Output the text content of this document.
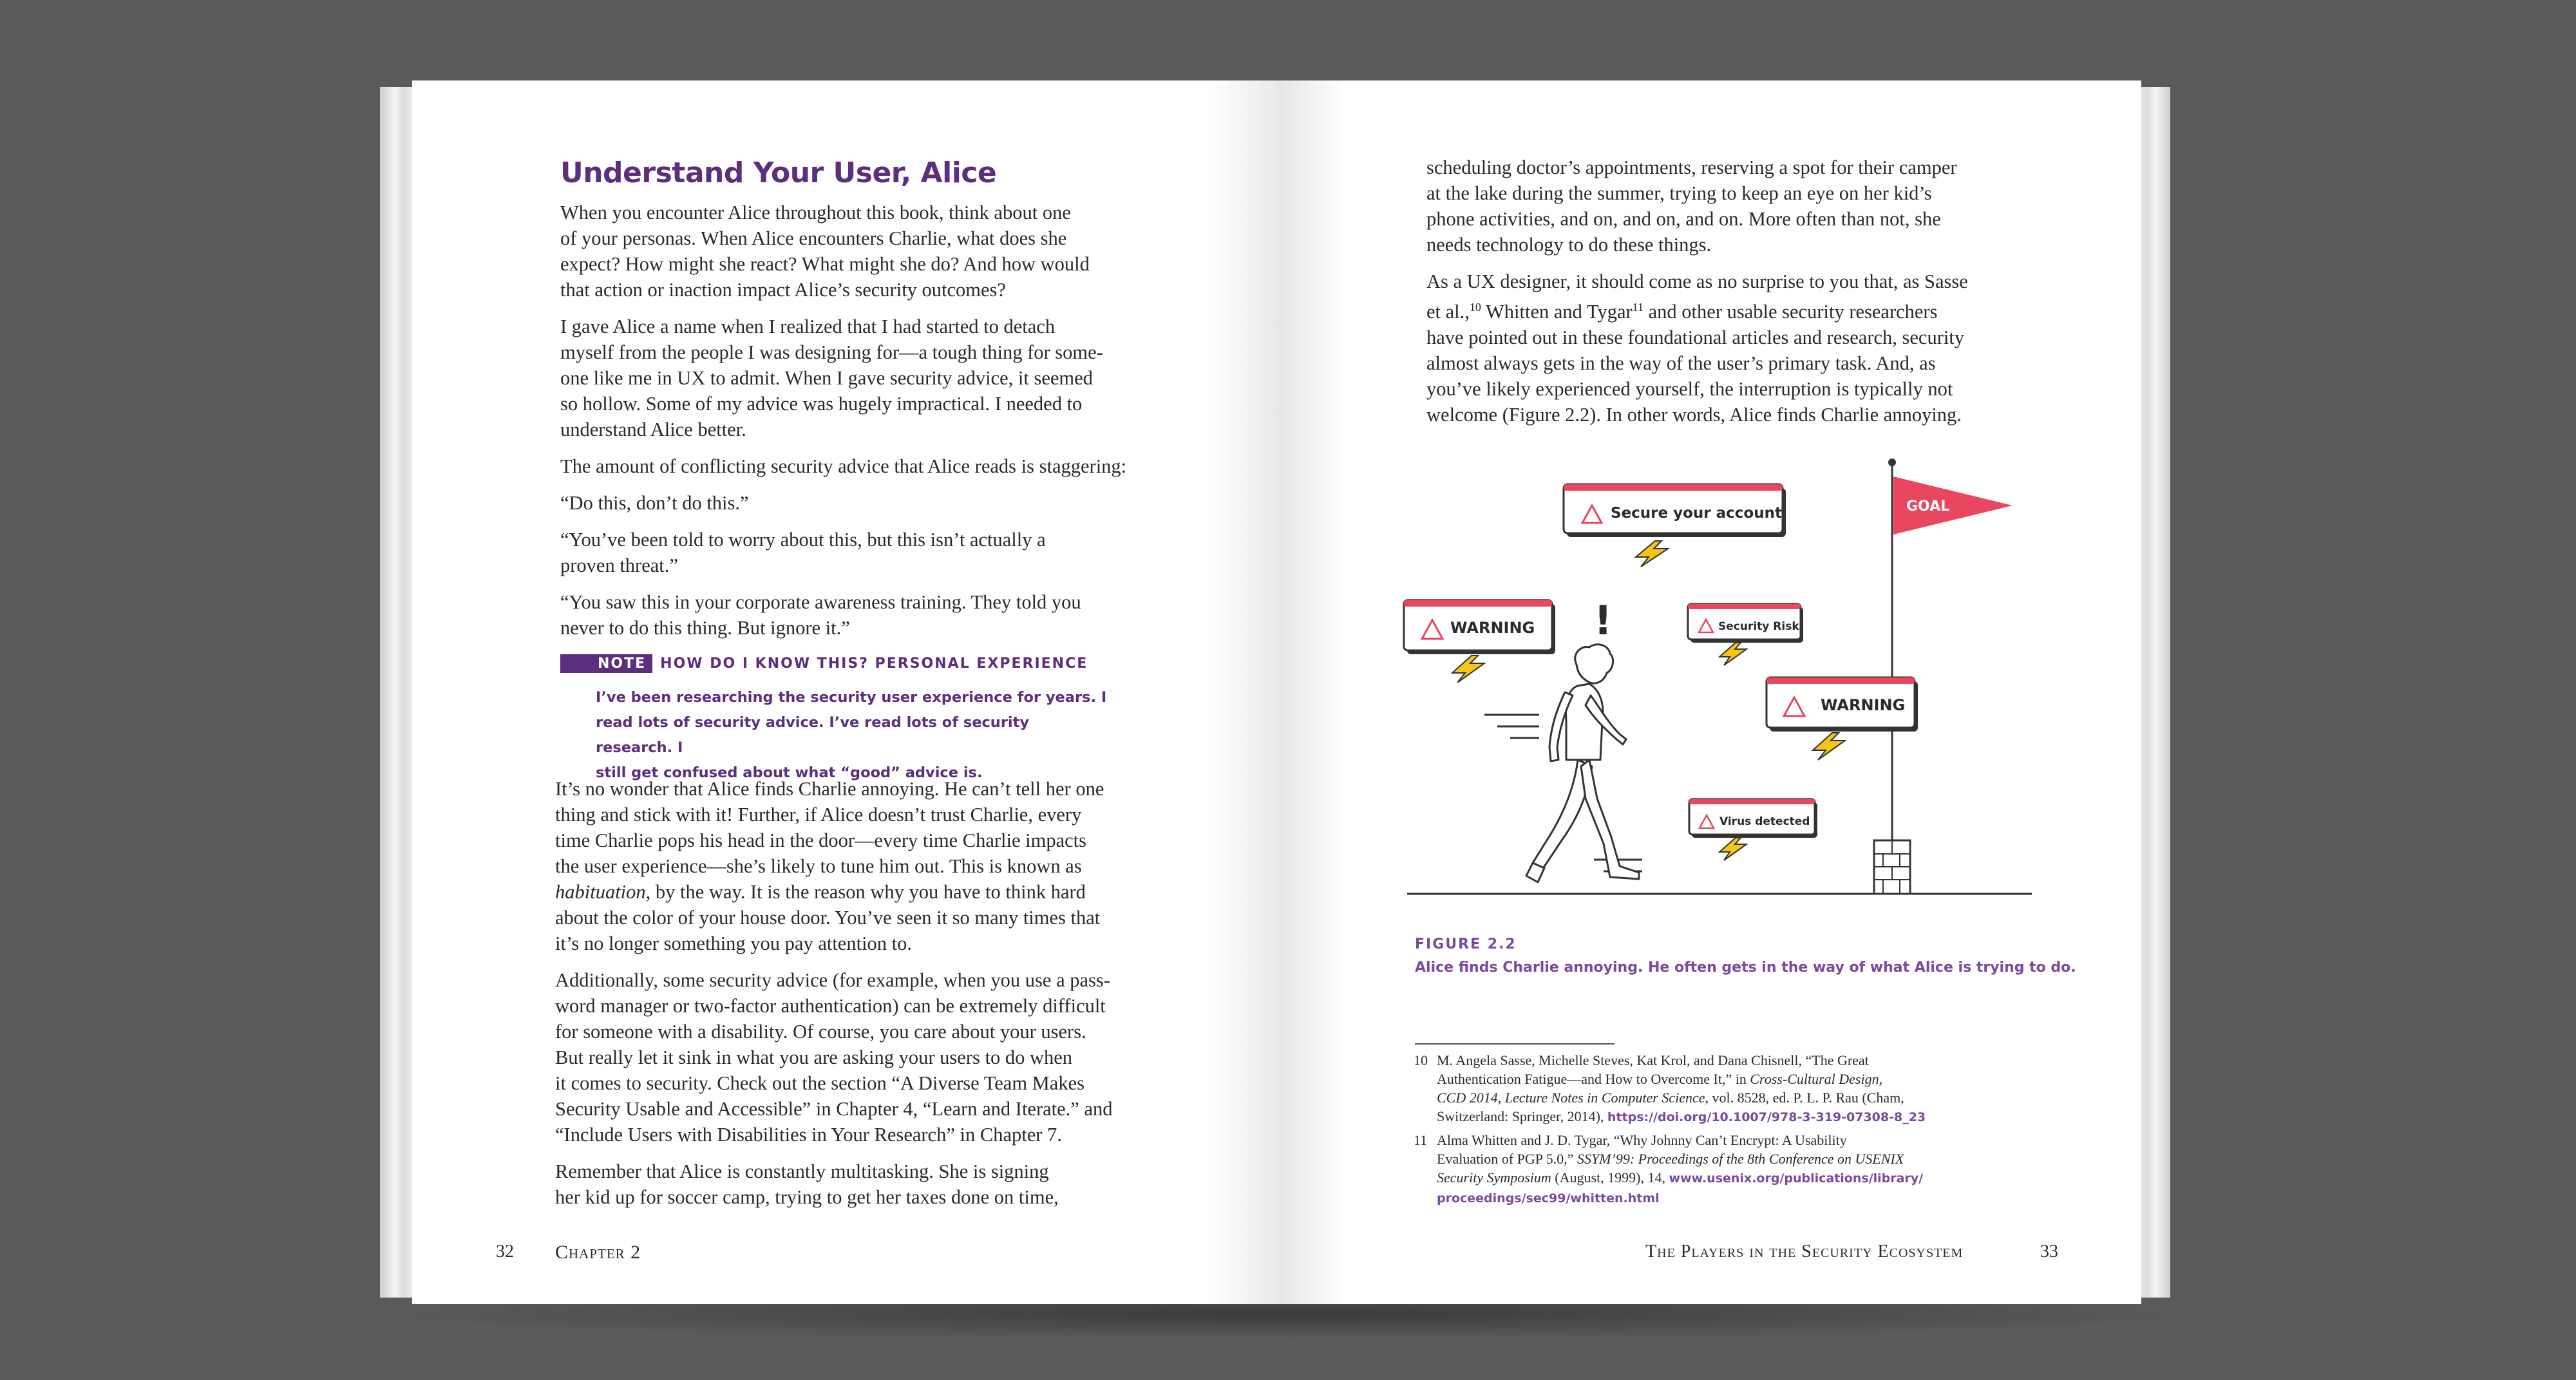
Understand Your User, Alice

When you encounter Alice throughout this book, think about one
of your personas. When Alice encounters Charlie, what does she
expect? How might she react? What might she do? And how would
that action or inaction impact Alice’s security outcomes?

I gave Alice a name when I realized that I had started to detach
myself from the people I was designing for—a tough thing for some-
one like me in UX to admit. When I gave security advice, it seemed
so hollow. Some of my advice was hugely impractical. I needed to
understand Alice better.

The amount of conflicting security advice that Alice reads is staggering:

“Do this, don’t do this.”

“You’ve been told to worry about this, but this isn’t actually a
proven threat.”

“You saw this in your corporate awareness training. They told you
never to do this thing. But ignore it.”

NOTE	HOW DO I KNOW THIS? PERSONAL EXPERIENCE
I’ve been researching the security user experience for years. I
read lots of security advice. I’ve read lots of security research. I
still get confused about what “good” advice is.

It’s no wonder that Alice finds Charlie annoying. He can’t tell her one
thing and stick with it! Further, if Alice doesn’t trust Charlie, every
time Charlie pops his head in the door—every time Charlie impacts
the user experience—she’s likely to tune him out. This is known as
habituation, by the way. It is the reason why you have to think hard
about the color of your house door. You’ve seen it so many times that
it’s no longer something you pay attention to.

Additionally, some security advice (for example, when you use a pass-
word manager or two-factor authentication) can be extremely difficult
for someone with a disability. Of course, you care about your users.
But really let it sink in what you are asking your users to do when
it comes to security. Check out the section “A Diverse Team Makes
Security Usable and Accessible” in Chapter 4, “Learn and Iterate.” and
“Include Users with Disabilities in Your Research” in Chapter 7.

Remember that Alice is constantly multitasking. She is signing
her kid up for soccer camp, trying to get her taxes done on time,

32 Chapter 2

scheduling doctor’s appointments, reserving a spot for their camper
at the lake during the summer, trying to keep an eye on her kid’s
phone activities, and on, and on, and on. More often than not, she
needs technology to do these things.

As a UX designer, it should come as no surprise to you that, as Sasse
et al.,$^{10}$ Whitten and Tygar$^{11}$ and other usable security researchers
have pointed out in these foundational articles and research, security
almost always gets in the way of the user’s primary task. And, as
you’ve likely experienced yourself, the interruption is typically not
welcome (Figure 2.2). In other words, Alice finds Charlie annoying.

GOAL
Secure your account
WARNING !	Security Risk
WARNING
Virus detected
FIGURE 2.2
Alice finds Charlie annoying. He often gets in the way of what Alice is trying to do.
10 M. Angela Sasse, Michelle Steves, Kat Krol, and Dana Chisnell, “The Great
Authentication Fatigue—and How to Overcome It,” in Cross-Cultural Design,
CCD 2014, Lecture Notes in Computer Science, vol. 8528, ed. P. L. P. Rau (Cham,
Switzerland: Springer, 2014), https://doi.org/10.1007/978-3-319-07308-8_23
11 Alma Whitten and J. D. Tygar, “Why Johnny Can’t Encrypt: A Usability
Evaluation of PGP 5.0,” SSYM’99: Proceedings of the 8th Conference on USENIX
Security Symposium (August, 1999), 14, www.usenix.org/publications/library/
proceedings/sec99/whitten.html
The Players in the Security Ecosystem	33
